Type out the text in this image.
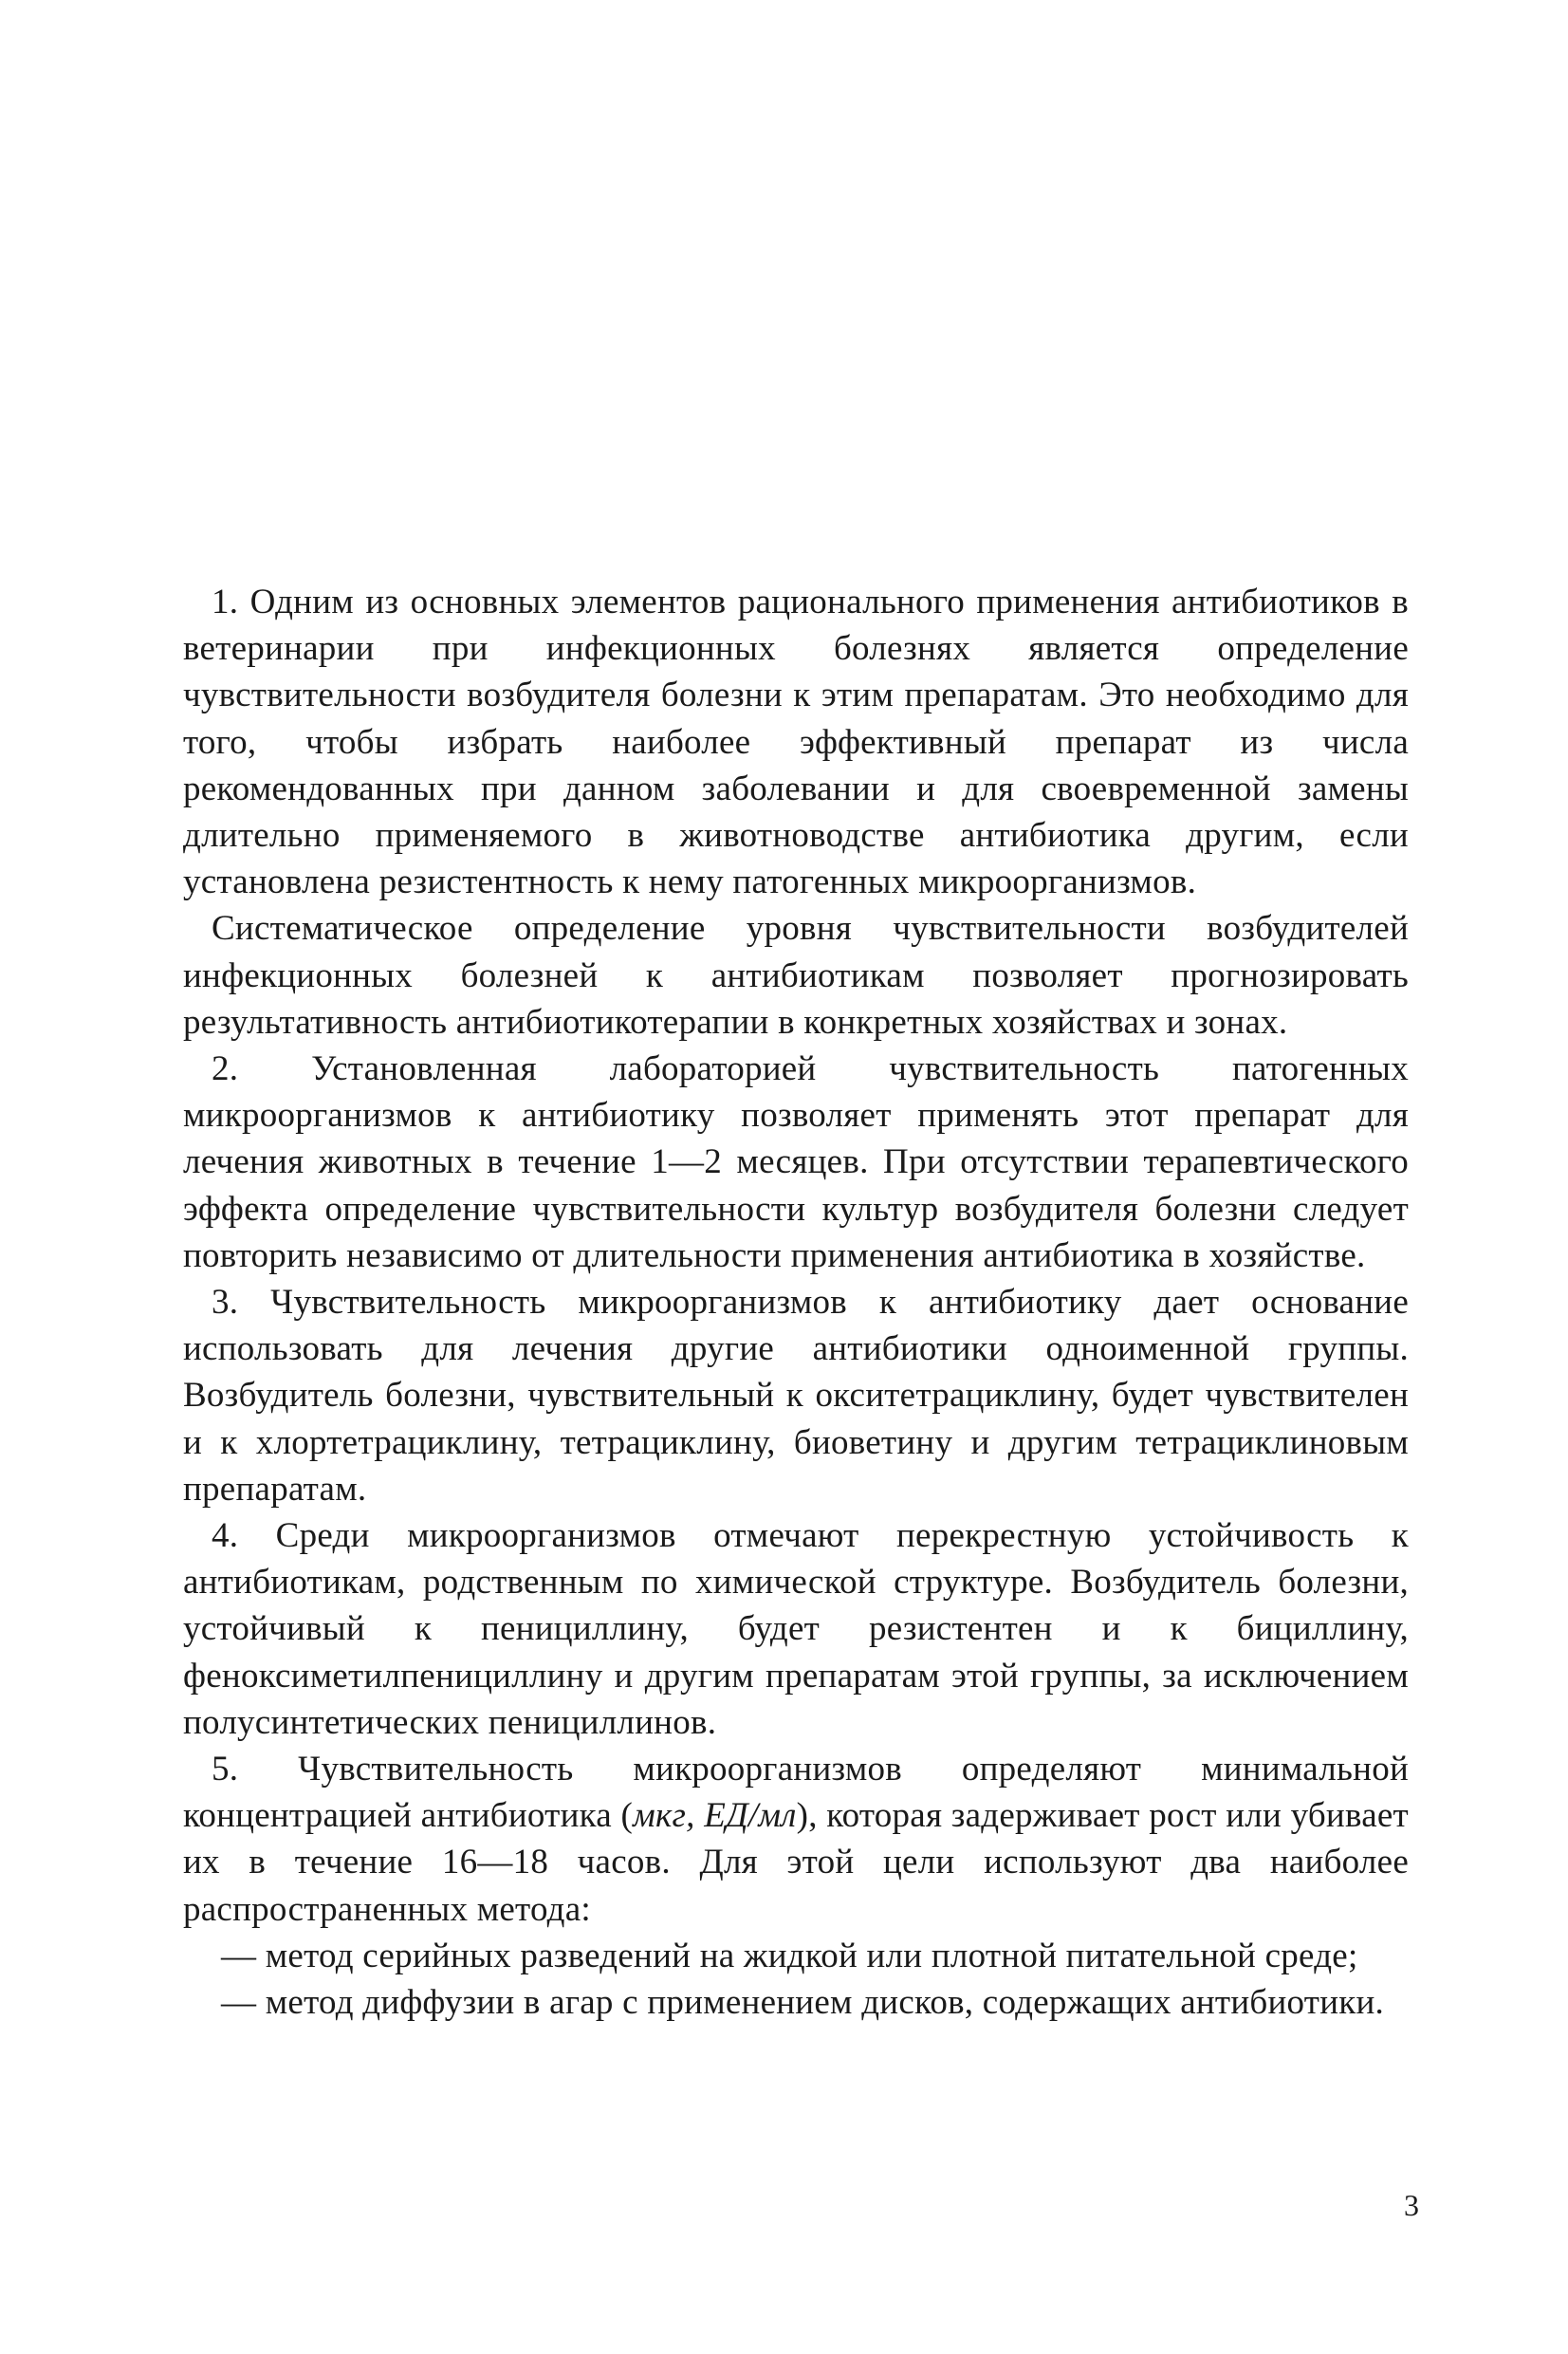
1. Одним из основных элементов рационального применения антибиотиков в ветеринарии при инфекционных болезнях является определение чувствительности возбудителя болезни к этим препаратам. Это необходимо для того, чтобы избрать наиболее эффективный препарат из числа рекомендованных при данном заболевании и для своевременной замены длительно применяемого в животноводстве антибиотика другим, если установлена резистентность к нему патогенных микроорганизмов.

Систематическое определение уровня чувствительности возбудителей инфекционных болезней к антибиотикам позволяет прогнозировать результативность антибиотикотерапии в конкретных хозяйствах и зонах.

2. Установленная лабораторией чувствительность патогенных микроорганизмов к антибиотику позволяет применять этот препарат для лечения животных в течение 1—2 месяцев. При отсутствии терапевтического эффекта определение чувствительности культур возбудителя болезни следует повторить независимо от длительности применения антибиотика в хозяйстве.

3. Чувствительность микроорганизмов к антибиотику дает основание использовать для лечения другие антибиотики одноименной группы. Возбудитель болезни, чувствительный к окситетрациклину, будет чувствителен и к хлортетрациклину, тетрациклину, биоветину и другим тетрациклиновым препаратам.

4. Среди микроорганизмов отмечают перекрестную устойчивость к антибиотикам, родственным по химической структуре. Возбудитель болезни, устойчивый к пенициллину, будет резистентен и к бициллину, феноксиметилпенициллину и другим препаратам этой группы, за исключением полусинтетических пенициллинов.

5. Чувствительность микроорганизмов определяют минимальной концентрацией антибиотика (мкг, ЕД/мл), которая задерживает рост или убивает их в течение 16—18 часов. Для этой цели используют два наиболее распространенных метода:

— метод серийных разведений на жидкой или плотной питательной среде;

— метод диффузии в агар с применением дисков, содержащих антибиотики.

3
